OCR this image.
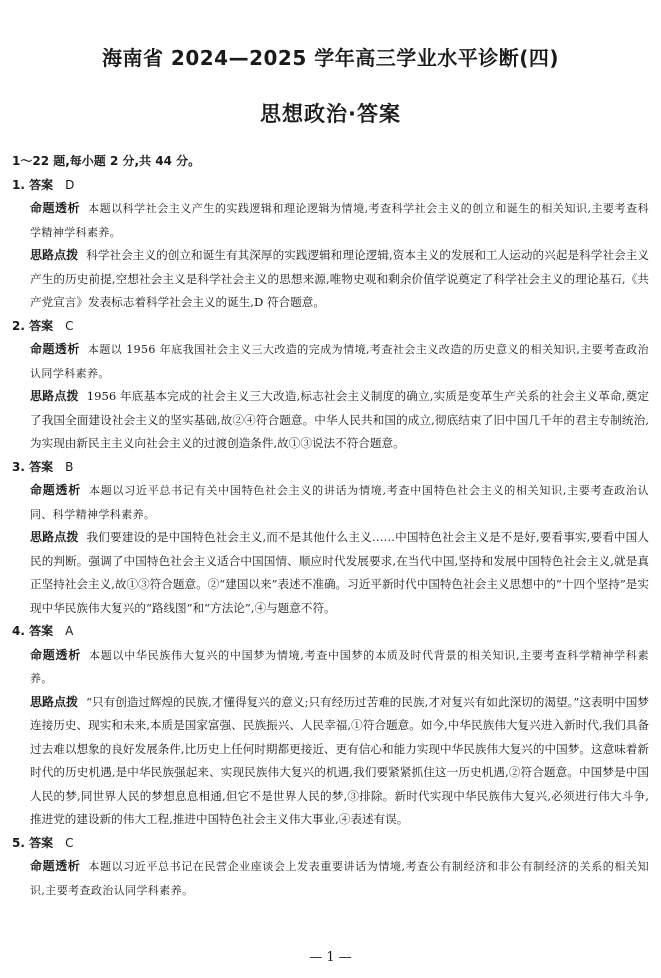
海南省 2024—2025 学年高三学业水平诊断(四)
思想政治·答案
1～22 题,每小题 2 分,共 44 分。
1. 答案 D
命题透析 本题以科学社会主义产生的实践逻辑和理论逻辑为情境,考查科学社会主义的创立和诞生的相关知识,主要考查科学精神学科素养。
思路点拨 科学社会主义的创立和诞生有其深厚的实践逻辑和理论逻辑,资本主义的发展和工人运动的兴起是科学社会主义产生的历史前提,空想社会主义是科学社会主义的思想来源,唯物史观和剩余价值学说奠定了科学社会主义的理论基石,《共产党宣言》发表标志着科学社会主义的诞生,D 符合题意。
2. 答案 C
命题透析 本题以 1956 年底我国社会主义三大改造的完成为情境,考查社会主义改造的历史意义的相关知识,主要考查政治认同学科素养。
思路点拨 1956 年底基本完成的社会主义三大改造,标志社会主义制度的确立,实质是变革生产关系的社会主义革命,奠定了我国全面建设社会主义的坚实基础,故②④符合题意。中华人民共和国的成立,彻底结束了旧中国几千年的君主专制统治,为实现由新民主主义向社会主义的过渡创造条件,故①③说法不符合题意。
3. 答案 B
命题透析 本题以习近平总书记有关中国特色社会主义的讲话为情境,考查中国特色社会主义的相关知识,主要考查政治认同、科学精神学科素养。
思路点拨 我们要建设的是中国特色社会主义,而不是其他什么主义……中国特色社会主义是不是好,要看事实,要看中国人民的判断。强调了中国特色社会主义适合中国国情、顺应时代发展要求,在当代中国,坚持和发展中国特色社会主义,就是真正坚持社会主义,故①③符合题意。②“建国以来”表述不准确。习近平新时代中国特色社会主义思想中的“十四个坚持”是实现中华民族伟大复兴的“路线图”和“方法论”,④与题意不符。
4. 答案 A
命题透析 本题以中华民族伟大复兴的中国梦为情境,考查中国梦的本质及时代背景的相关知识,主要考查科学精神学科素养。
思路点拨 “只有创造过辉煌的民族,才懂得复兴的意义;只有经历过苦难的民族,才对复兴有如此深切的渴望。”这表明中国梦连接历史、现实和未来,本质是国家富强、民族振兴、人民幸福,①符合题意。如今,中华民族伟大复兴进入新时代,我们具备过去难以想象的良好发展条件,比历史上任何时期都更接近、更有信心和能力实现中华民族伟大复兴的中国梦。这意味着新时代的历史机遇,是中华民族强起来、实现民族伟大复兴的机遇,我们要紧紧抓住这一历史机遇,②符合题意。中国梦是中国人民的梦,同世界人民的梦想息息相通,但它不是世界人民的梦,③排除。新时代实现中华民族伟大复兴,必须进行伟大斗争,推进党的建设新的伟大工程,推进中国特色社会主义伟大事业,④表述有误。
5. 答案 C
命题透析 本题以习近平总书记在民营企业座谈会上发表重要讲话为情境,考查公有制经济和非公有制经济的关系的相关知识,主要考查政治认同学科素养。
— 1 —
